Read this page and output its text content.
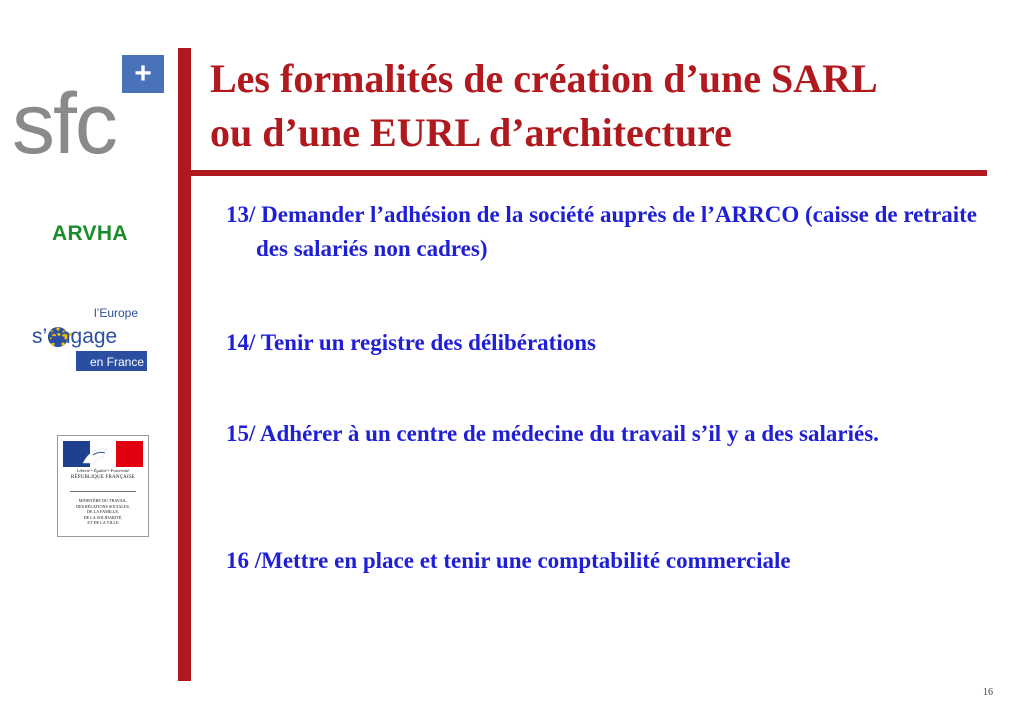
+
sfc
ARVHA
l’Europe
s’engage
en France
Liberté • Égalité • Fraternité
RÉPUBLIQUE FRANÇAISE
MINISTÈRE DU TRAVAIL,
DES RELATIONS SOCIALES,
DE LA FAMILLE,
DE LA SOLIDARITÉ,
ET DE LA VILLE
Les formalités de création d’une SARL
ou d’une EURL d’architecture
13/ Demander l’adhésion de la société auprès de l’ARRCO (caisse de retraite des salariés non cadres)
14/ Tenir un registre des délibérations
15/ Adhérer à un centre de médecine du travail s’il y a des salariés.
16 /Mettre en place et tenir une comptabilité commerciale
16
